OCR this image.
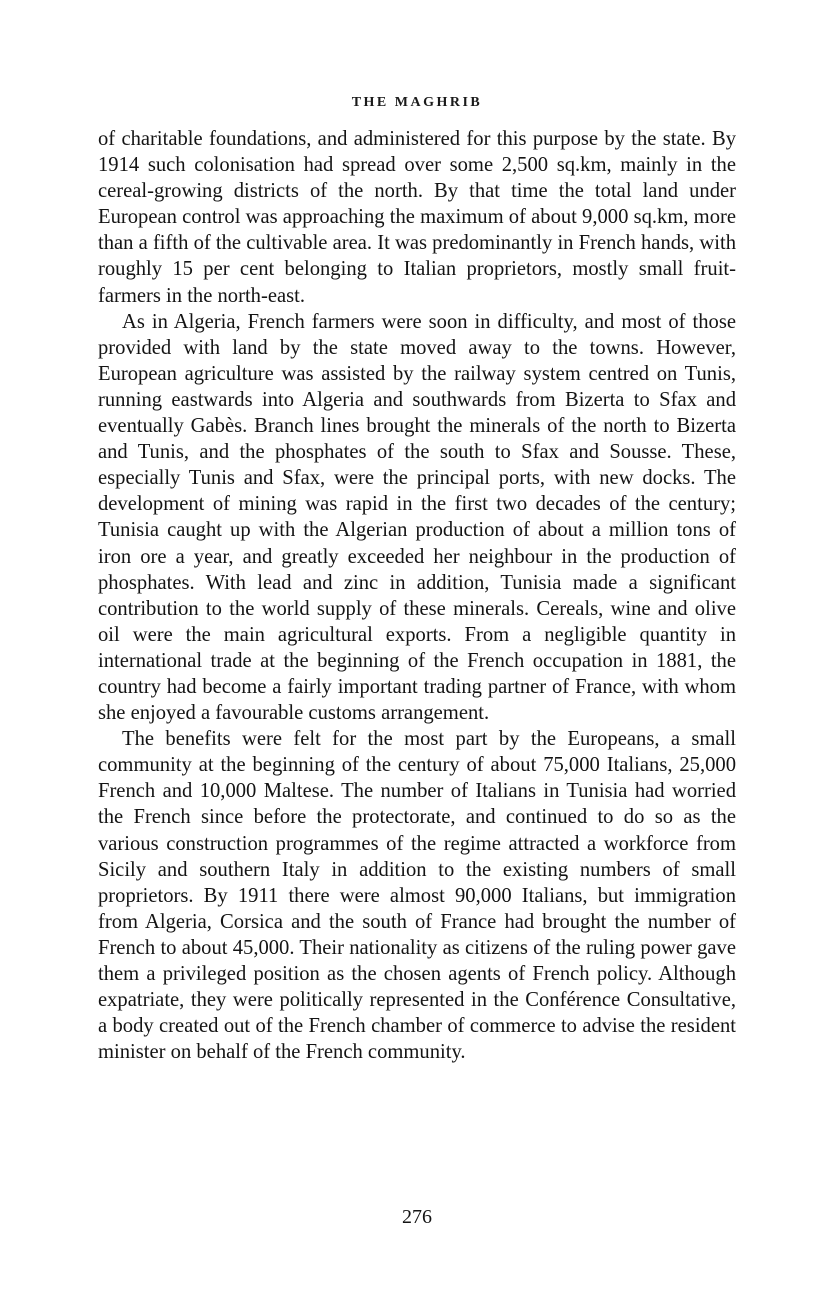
THE MAGHRIB

of charitable foundations, and administered for this purpose by the state. By 1914 such colonisation had spread over some 2,500 sq.km, mainly in the cereal-growing districts of the north. By that time the total land under European control was approaching the maximum of about 9,000 sq.km, more than a fifth of the cultivable area. It was predominantly in French hands, with roughly 15 per cent belonging to Italian proprietors, mostly small fruit-farmers in the north-east.

As in Algeria, French farmers were soon in difficulty, and most of those provided with land by the state moved away to the towns. However, European agriculture was assisted by the railway system centred on Tunis, running eastwards into Algeria and southwards from Bizerta to Sfax and eventually Gabès. Branch lines brought the minerals of the north to Bizerta and Tunis, and the phosphates of the south to Sfax and Sousse. These, especially Tunis and Sfax, were the principal ports, with new docks. The development of mining was rapid in the first two decades of the century; Tunisia caught up with the Algerian production of about a million tons of iron ore a year, and greatly exceeded her neighbour in the production of phosphates. With lead and zinc in addition, Tunisia made a significant contribution to the world supply of these minerals. Cereals, wine and olive oil were the main agricultural exports. From a negligible quantity in international trade at the beginning of the French occupation in 1881, the country had become a fairly important trading partner of France, with whom she enjoyed a favourable customs arrangement.

The benefits were felt for the most part by the Europeans, a small community at the beginning of the century of about 75,000 Italians, 25,000 French and 10,000 Maltese. The number of Italians in Tunisia had worried the French since before the protectorate, and continued to do so as the various construction programmes of the regime attracted a workforce from Sicily and southern Italy in addition to the existing numbers of small proprietors. By 1911 there were almost 90,000 Italians, but immigration from Algeria, Corsica and the south of France had brought the number of French to about 45,000. Their nationality as citizens of the ruling power gave them a privileged position as the chosen agents of French policy. Although expatriate, they were politically represented in the Conférence Consultative, a body created out of the French chamber of commerce to advise the resident minister on behalf of the French community.

276
